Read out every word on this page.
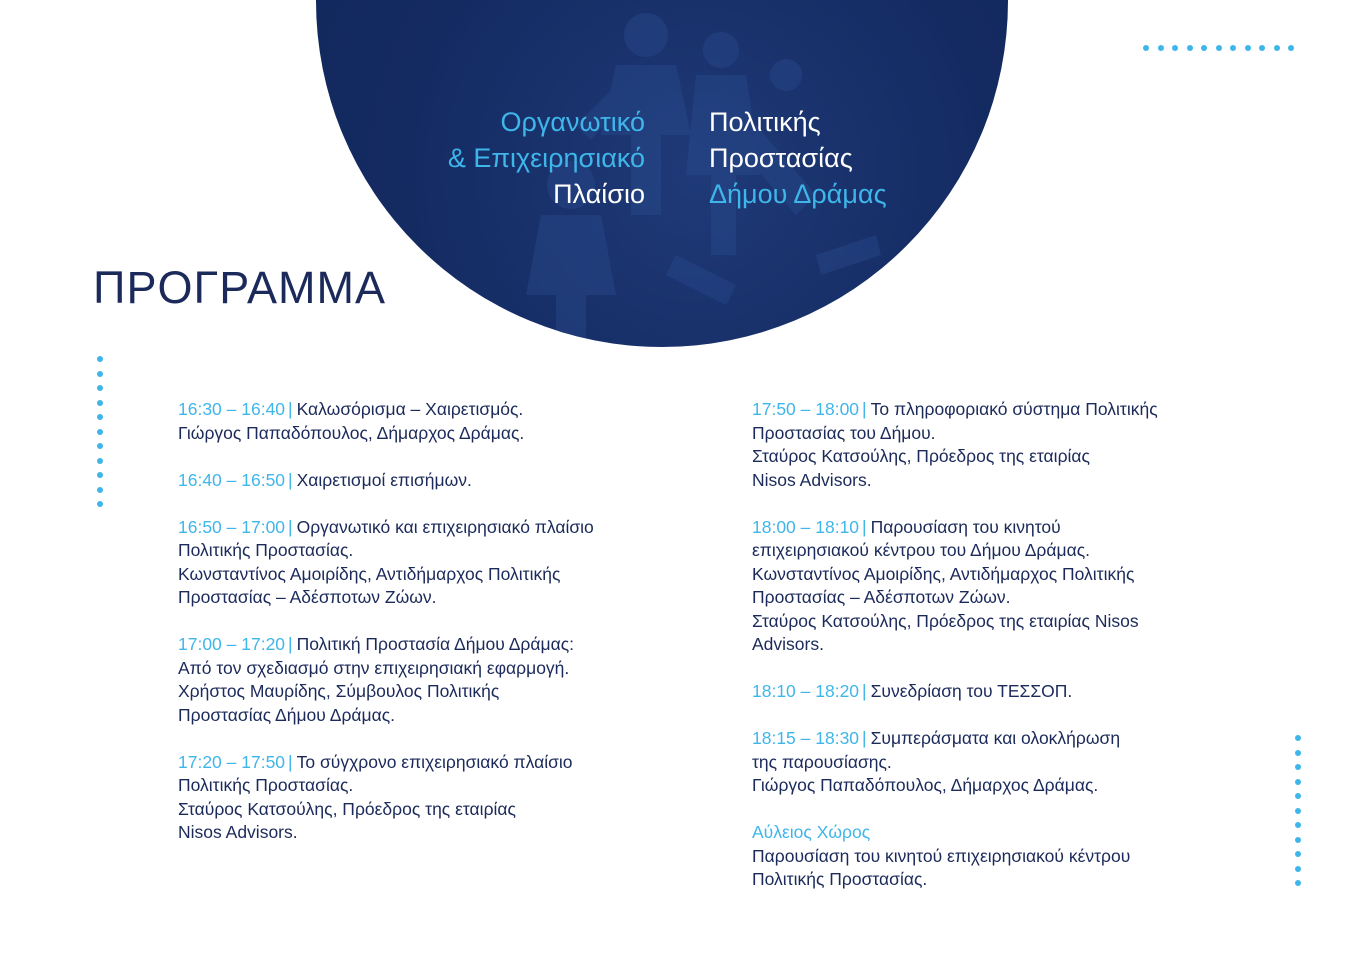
Οργανωτικό
& Επιχειρησιακό
Πλαίσιο
Πολιτικής
Προστασίας
Δήμου Δράμας
ΠΡΟΓΡΑΜΜΑ
16:30 – 16:40 | Καλωσόρισμα – Χαιρετισμός.
Γιώργος Παπαδόπουλος, Δήμαρχος Δράμας.
16:40 – 16:50 | Χαιρετισμοί επισήμων.
16:50 – 17:00 | Οργανωτικό και επιχειρησιακό πλαίσιο
Πολιτικής Προστασίας.
Κωνσταντίνος Αμοιρίδης, Αντιδήμαρχος Πολιτικής
Προστασίας – Αδέσποτων Ζώων.
17:00 – 17:20 | Πολιτική Προστασία Δήμου Δράμας:
Από τον σχεδιασμό στην επιχειρησιακή εφαρμογή.
Χρήστος Μαυρίδης, Σύμβουλος Πολιτικής
Προστασίας Δήμου Δράμας.
17:20 – 17:50 | Το σύγχρονο επιχειρησιακό πλαίσιο
Πολιτικής Προστασίας.
Σταύρος Κατσούλης, Πρόεδρος της εταιρίας
Nisos Advisors.
17:50 – 18:00 | Το πληροφοριακό σύστημα Πολιτικής
Προστασίας του Δήμου.
Σταύρος Κατσούλης, Πρόεδρος της εταιρίας
Nisos Advisors.
18:00 – 18:10 | Παρουσίαση του κινητού
επιχειρησιακού κέντρου του Δήμου Δράμας.
Κωνσταντίνος Αμοιρίδης, Αντιδήμαρχος Πολιτικής
Προστασίας – Αδέσποτων Ζώων.
Σταύρος Κατσούλης, Πρόεδρος της εταιρίας Nisos
Advisors.
18:10 – 18:20 | Συνεδρίαση του ΤΕΣΣΟΠ.
18:15 – 18:30 | Συμπεράσματα και ολοκλήρωση
της παρουσίασης.
Γιώργος Παπαδόπουλος, Δήμαρχος Δράμας.
Αύλειος Χώρος
Παρουσίαση του κινητού επιχειρησιακού κέντρου
Πολιτικής Προστασίας.
